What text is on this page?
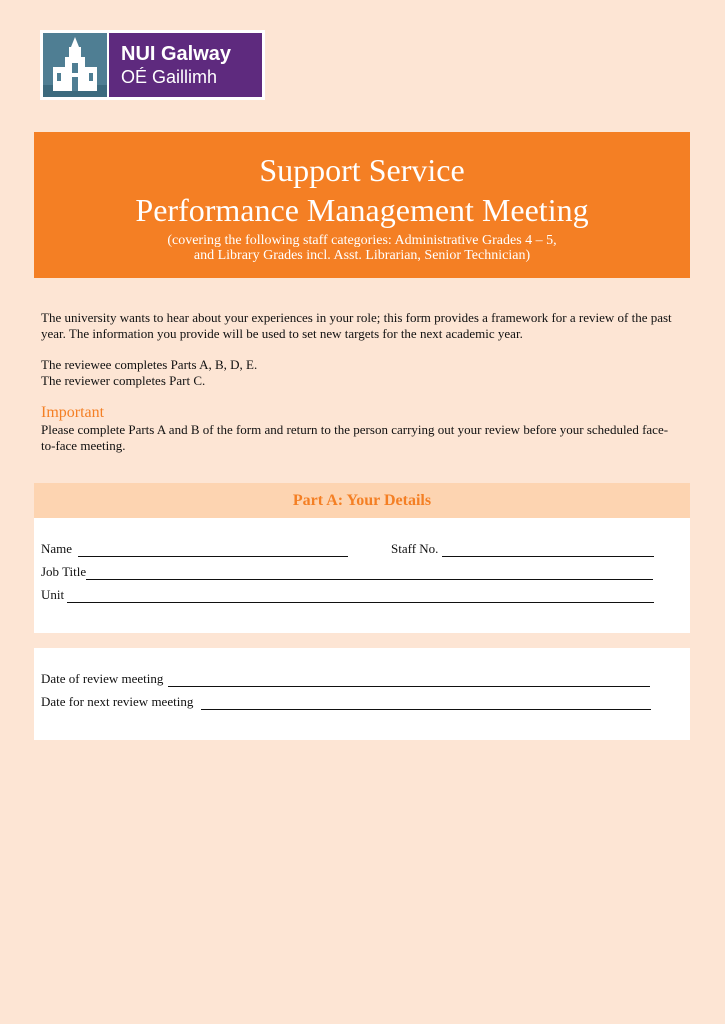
NUI Galway
OÉ Gaillimh
Support Service
Performance Management Meeting
(covering the following staff categories: Administrative Grades 4 – 5,
and Library Grades incl. Asst. Librarian, Senior Technician)
The university wants to hear about your experiences in your role; this form provides a framework for a review of the past year. The information you provide will be used to set new targets for the next academic year.
The reviewee completes Parts A, B, D, E.
The reviewer completes Part C.
Important
Please complete Parts A and B of the form and return to the person carrying out your review before your scheduled face-to-face meeting.
Part A: Your Details
Name	Staff No.
Job Title
Unit
Date of review meeting
Date for next review meeting
